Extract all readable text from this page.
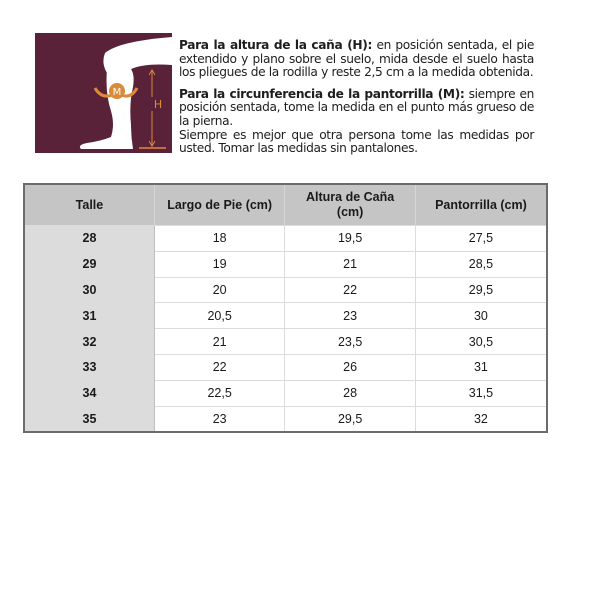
M
H

Para la altura de la caña (H): en posición sentada, el pie extendido y plano sobre el suelo, mida desde el suelo hasta los pliegues de la rodilla y reste 2,5 cm a la medida obtenida.

Para la circunferencia de la pantorrilla (M): siempre en posición sentada, tome la medida en el punto más grueso de la pierna.

Siempre es mejor que otra persona tome las medidas por usted. Tomar las medidas sin pantalones.

Talle	Largo de Pie (cm)	Altura de Caña (cm)	Pantorrilla (cm)
28	18	19,5	27,5
29	19	21	28,5
30	20	22	29,5
31	20,5	23	30
32	21	23,5	30,5
33	22	26	31
34	22,5	28	31,5
35	23	29,5	32
